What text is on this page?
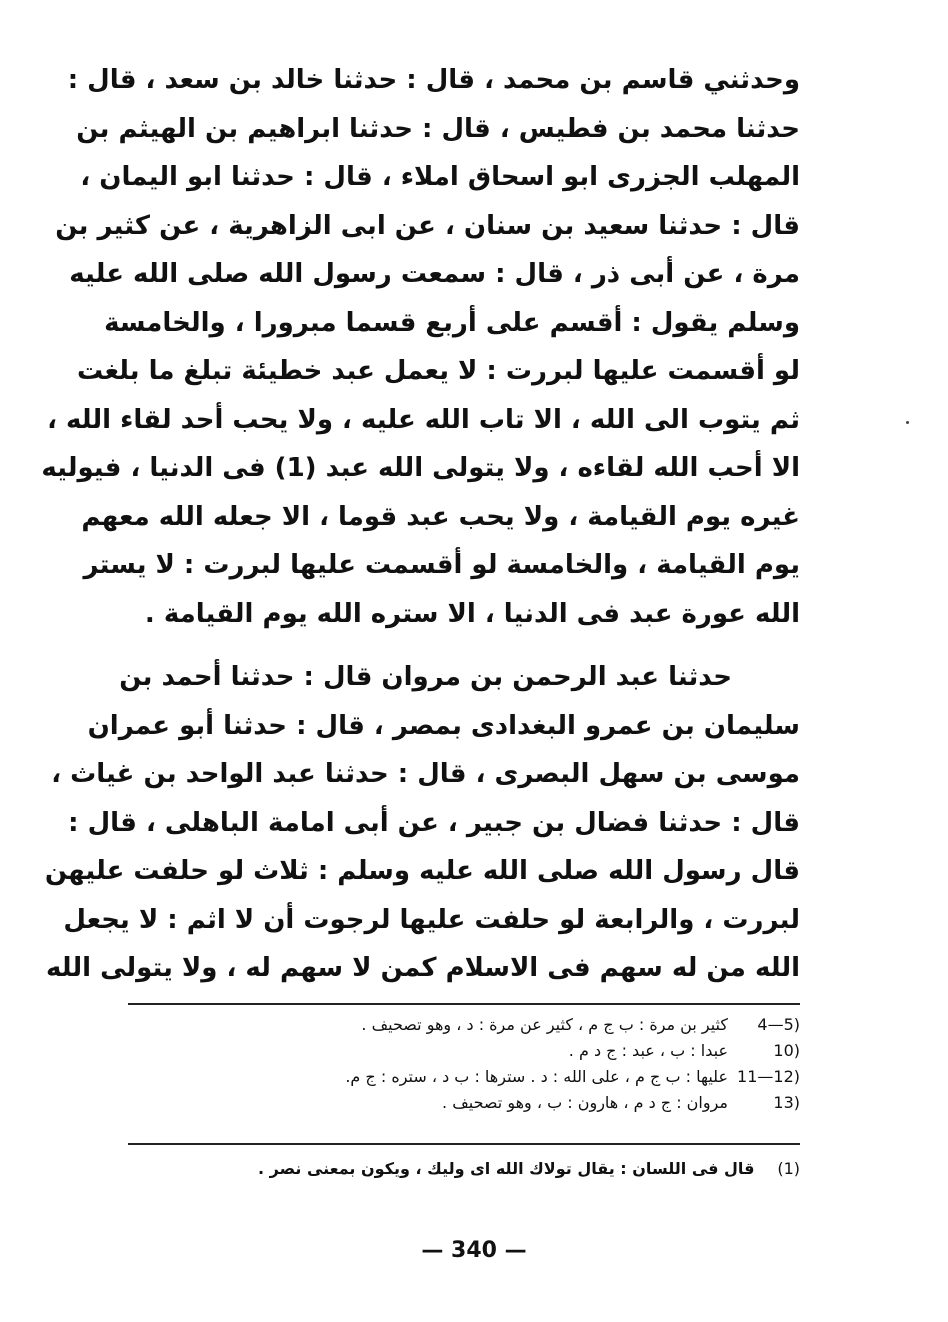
وحدثني قاسم بن محمد ، قال : حدثنا خالد بن سعد ، قال :
حدثنا محمد بن فطيس ، قال : حدثنا ابراهيم بن الهيثم بن
المهلب الجزرى ابو اسحاق املاء ، قال : حدثنا ابو اليمان ،
قال : حدثنا سعيد بن سنان ، عن ابى الزاهرية ، عن كثير بن
مرة ، عن أبى ذر ، قال : سمعت رسول الله صلى الله عليه
وسلم يقول : أقسم على أربع قسما مبرورا ، والخامسة
لو أقسمت عليها لبررت : لا يعمل عبد خطيئة تبلغ ما بلغت
ثم يتوب الى الله ، الا تاب الله عليه ، ولا يحب أحد لقاء الله ،
الا أحب الله لقاءه ، ولا يتولى الله عبد (1) فى الدنيا ، فيوليه
غيره يوم القيامة ، ولا يحب عبد قوما ، الا جعله الله معهم
يوم القيامة ، والخامسة لو أقسمت عليها لبررت : لا يستر
الله عورة عبد فى الدنيا ، الا ستره الله يوم القيامة .
حدثنا عبد الرحمن بن مروان قال : حدثنا أحمد بن
سليمان بن عمرو البغدادى بمصر ، قال : حدثنا أبو عمران
موسى بن سهل البصرى ، قال : حدثنا عبد الواحد بن غياث ،
قال : حدثنا فضال بن جبير ، عن أبى امامة الباهلى ، قال :
قال رسول الله صلى الله عليه وسلم : ثلاث لو حلفت عليهن
لبررت ، والرابعة لو حلفت عليها لرجوت أن لا اثم : لا يجعل
الله من له سهم فى الاسلام كمن لا سهم له ، ولا يتولى الله
4—5)كثير بن مرة : ب ج م ، كثير عن مرة : د ، وهو تصحيف .
10)عبدا : ب ، عبد : ج د م .
11—12)عليها : ب ج م ، على الله : د . سترها : ب د ، ستره : ج م.
13)مروان : ج د م ، هارون : ب ، وهو تصحيف .
(1) قال فى اللسان : يقال تولاك الله اى وليك ، ويكون بمعنى نصر .
— 340 —
